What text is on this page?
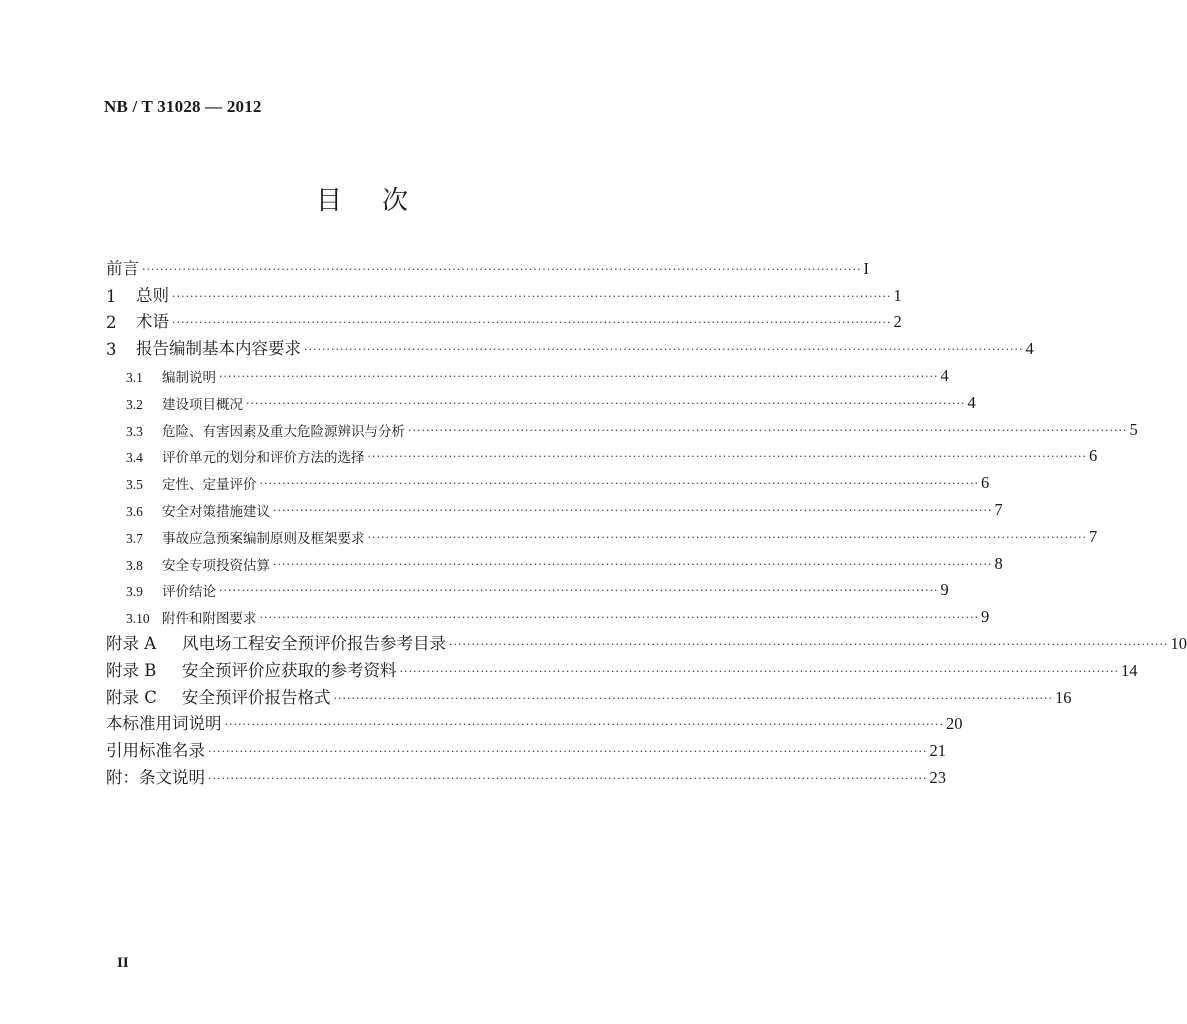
NB / T 31028 — 2012
目次
前言 ································································································································································ I
1	总则 ································································································································································ 1
2	术语 ································································································································································ 2
3	报告编制基本内容要求 ································································································································································ 4
3.1	编制说明 ································································································································································ 4
3.2	建设项目概况 ································································································································································ 4
3.3	危险、有害因素及重大危险源辨识与分析 ································································································································································ 5
3.4	评价单元的划分和评价方法的选择 ································································································································································ 6
3.5	定性、定量评价 ································································································································································ 6
3.6	安全对策措施建议 ································································································································································ 7
3.7	事故应急预案编制原则及框架要求 ································································································································································ 7
3.8	安全专项投资估算 ································································································································································ 8
3.9	评价结论 ································································································································································ 9
3.10 附件和附图要求 ································································································································································ 9
附录 A	风电场工程安全预评价报告参考目录 ································································································································································ 10
附录 B	安全预评价应获取的参考资料 ································································································································································ 14
附录 C	安全预评价报告格式 ································································································································································ 16
本标准用词说明 ································································································································································ 20
引用标准名录 ································································································································································ 21
附：条文说明 ································································································································································ 23
II
